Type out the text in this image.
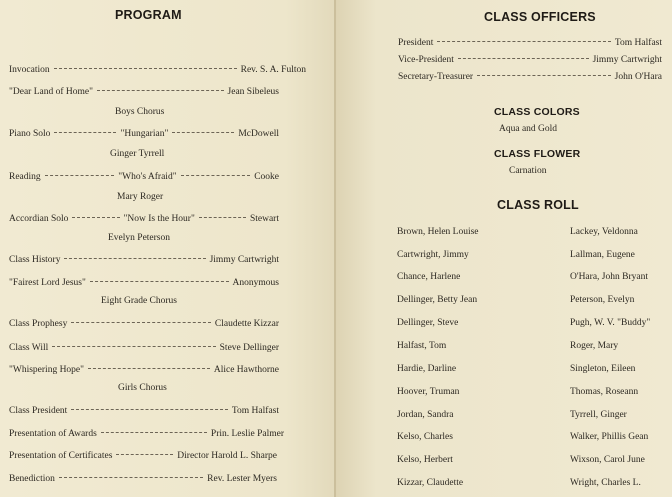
PROGRAM
Invocation	Rev. S. A. Fulton
"Dear Land of Home"	Jean Sibeleus
Boys Chorus
Piano Solo	"Hungarian"	McDowell
Ginger Tyrrell
Reading	"Who's Afraid"	Cooke
Mary Roger
Accordian Solo	"Now Is the Hour"	Stewart
Evelyn Peterson
Class History	Jimmy Cartwright
"Fairest Lord Jesus"	Anonymous
Eight Grade Chorus
Class Prophesy	Claudette Kizzar
Class Will	Steve Dellinger
"Whispering Hope"	Alice Hawthorne
Girls Chorus
Class President	Tom Halfast
Presentation of Awards	Prin. Leslie Palmer
Presentation of Certificates	Director Harold L. Sharpe
Benediction	Rev. Lester Myers
CLASS OFFICERS
President	Tom Halfast
Vice-President	Jimmy Cartwright
Secretary-Treasurer	John O'Hara
CLASS COLORS
Aqua and Gold
CLASS FLOWER
Carnation
CLASS ROLL
Brown, Helen Louise
Cartwright, Jimmy
Chance, Harlene
Dellinger, Betty Jean
Dellinger, Steve
Halfast, Tom
Hardie, Darline
Hoover, Truman
Jordan, Sandra
Kelso, Charles
Kelso, Herbert
Kizzar, Claudette
Lackey, Veldonna
Lallman, Eugene
O'Hara, John Bryant
Peterson, Evelyn
Pugh, W. V. "Buddy"
Roger, Mary
Singleton, Eileen
Thomas, Roseann
Tyrrell, Ginger
Walker, Phillis Gean
Wixson, Carol June
Wright, Charles L.
